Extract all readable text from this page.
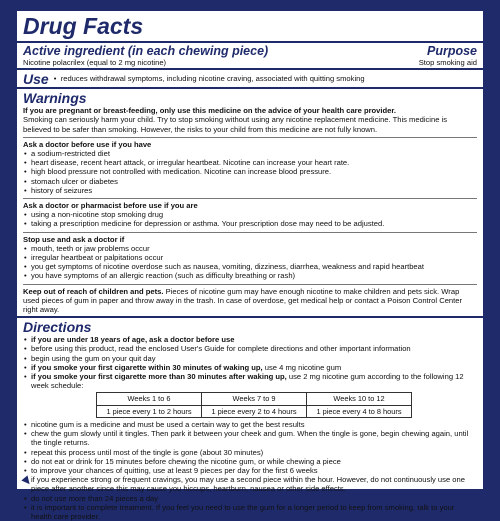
Drug Facts
Active ingredient (in each chewing piece)	Purpose
Nicotine polacrilex (equal to 2 mg nicotine)	Stop smoking aid
Use • reduces withdrawal symptoms, including nicotine craving, associated with quitting smoking
Warnings
If you are pregnant or breast-feeding, only use this medicine on the advice of your health care provider.
Smoking can seriously harm your child. Try to stop smoking without using any nicotine replacement medicine. This medicine is believed to be safer than smoking. However, the risks to your child from this medicine are not fully known.
Ask a doctor before use if you have
• a sodium-restricted diet
• heart disease, recent heart attack, or irregular heartbeat. Nicotine can increase your heart rate.
• high blood pressure not controlled with medication. Nicotine can increase blood pressure.
• stomach ulcer or diabetes
• history of seizures
Ask a doctor or pharmacist before use if you are
• using a non-nicotine stop smoking drug
• taking a prescription medicine for depression or asthma. Your prescription dose may need to be adjusted.
Stop use and ask a doctor if
• mouth, teeth or jaw problems occur
• irregular heartbeat or palpitations occur
• you get symptoms of nicotine overdose such as nausea, vomiting, dizziness, diarrhea, weakness and rapid heartbeat
• you have symptoms of an allergic reaction (such as difficulty breathing or rash)
Keep out of reach of children and pets. Pieces of nicotine gum may have enough nicotine to make children and pets sick. Wrap used pieces of gum in paper and throw away in the trash. In case of overdose, get medical help or contact a Poison Control Center right away.
Directions
• if you are under 18 years of age, ask a doctor before use
• before using this product, read the enclosed User's Guide for complete directions and other important information
• begin using the gum on your quit day
• if you smoke your first cigarette within 30 minutes of waking up, use 4 mg nicotine gum
• if you smoke your first cigarette more than 30 minutes after waking up, use 2 mg nicotine gum according to the following 12 week schedule:
Weeks 1 to 6	Weeks 7 to 9	Weeks 10 to 12
1 piece every 1 to 2 hours	1 piece every 2 to 4 hours	1 piece every 4 to 8 hours
• nicotine gum is a medicine and must be used a certain way to get the best results
• chew the gum slowly until it tingles. Then park it between your cheek and gum. When the tingle is gone, begin chewing again, until the tingle returns.
• repeat this process until most of the tingle is gone (about 30 minutes)
• do not eat or drink for 15 minutes before chewing the nicotine gum, or while chewing a piece
• to improve your chances of quitting, use at least 9 pieces per day for the first 6 weeks
• if you experience strong or frequent cravings, you may use a second piece within the hour. However, do not continuously use one piece after another since this may cause you hiccups, heartburn, nausea or other side effects.
• do not use more than 24 pieces a day
• it is important to complete treatment. If you feel you need to use the gum for a longer period to keep from smoking, talk to your health care provider.
